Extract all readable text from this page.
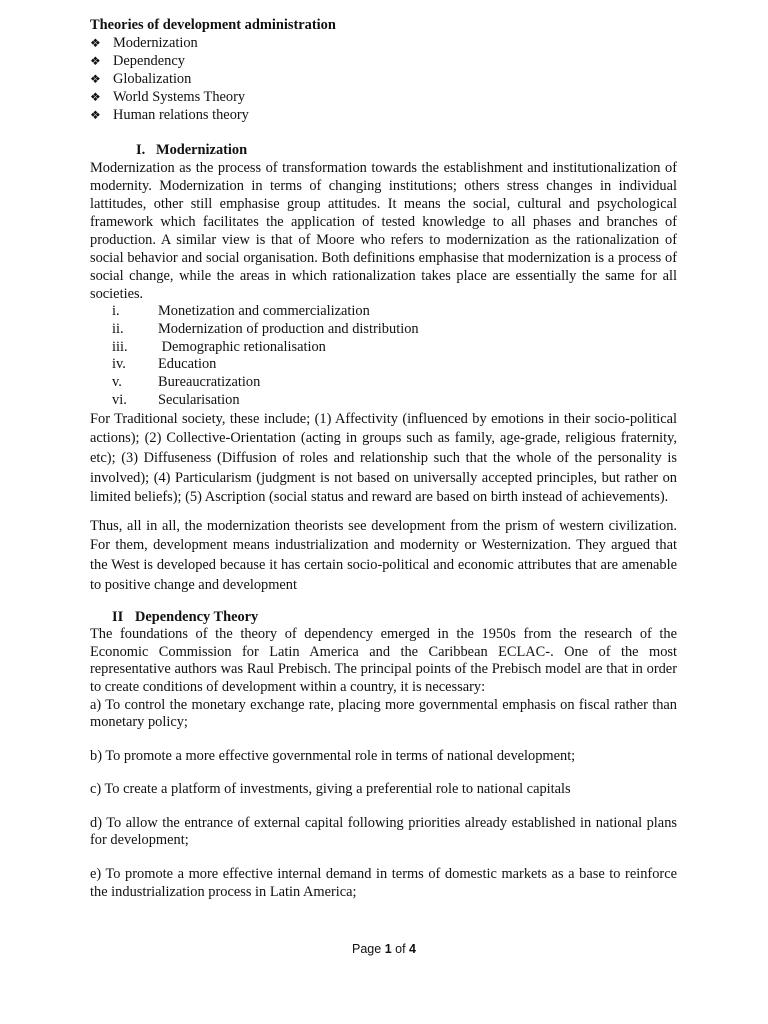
Theories of development administration

❖ Modernization
❖ Dependency
❖ Globalization
❖ World Systems Theory
❖ Human relations theory

I. Modernization

Modernization as the process of transformation towards the establishment and institutionalization of modernity. Modernization in terms of changing institutions; others stress changes in individual lattitudes, other still emphasise group attitudes. It means the social, cultural and psychological framework which facilitates the application of tested knowledge to all phases and branches of production. A similar view is that of Moore who refers to modernization as the rationalization of social behavior and social organisation. Both definitions emphasise that modernization is a process of social change, while the areas in which rationalization takes place are essentially the same for all societies.

i.	Monetization and commercialization
ii.	Modernization of production and distribution
iii.	Demographic retionalisation
iv.	Education
v.	Bureaucratization
vi.	Secularisation

For Traditional society, these include; (1) Affectivity (influenced by emotions in their socio-political actions); (2) Collective-Orientation (acting in groups such as family, age-grade, religious fraternity, etc); (3) Diffuseness (Diffusion of roles and relationship such that the whole of the personality is involved); (4) Particularism (judgment is not based on universally accepted principles, but rather on limited beliefs); (5) Ascription (social status and reward are based on birth instead of achievements).

Thus, all in all, the modernization theorists see development from the prism of western civilization. For them, development means industrialization and modernity or Westernization. They argued that the West is developed because it has certain socio-political and economic attributes that are amenable to positive change and development

II Dependency Theory

The foundations of the theory of dependency emerged in the 1950s from the research of the Economic Commission for Latin America and the Caribbean ECLAC-. One of the most representative authors was Raul Prebisch. The principal points of the Prebisch model are that in order to create conditions of development within a country, it is necessary:

a) To control the monetary exchange rate, placing more governmental emphasis on fiscal rather than monetary policy;

b) To promote a more effective governmental role in terms of national development;

c) To create a platform of investments, giving a preferential role to national capitals

d) To allow the entrance of external capital following priorities already established in national plans for development;

e) To promote a more effective internal demand in terms of domestic markets as a base to reinforce the industrialization process in Latin America;

Page 1 of 4
